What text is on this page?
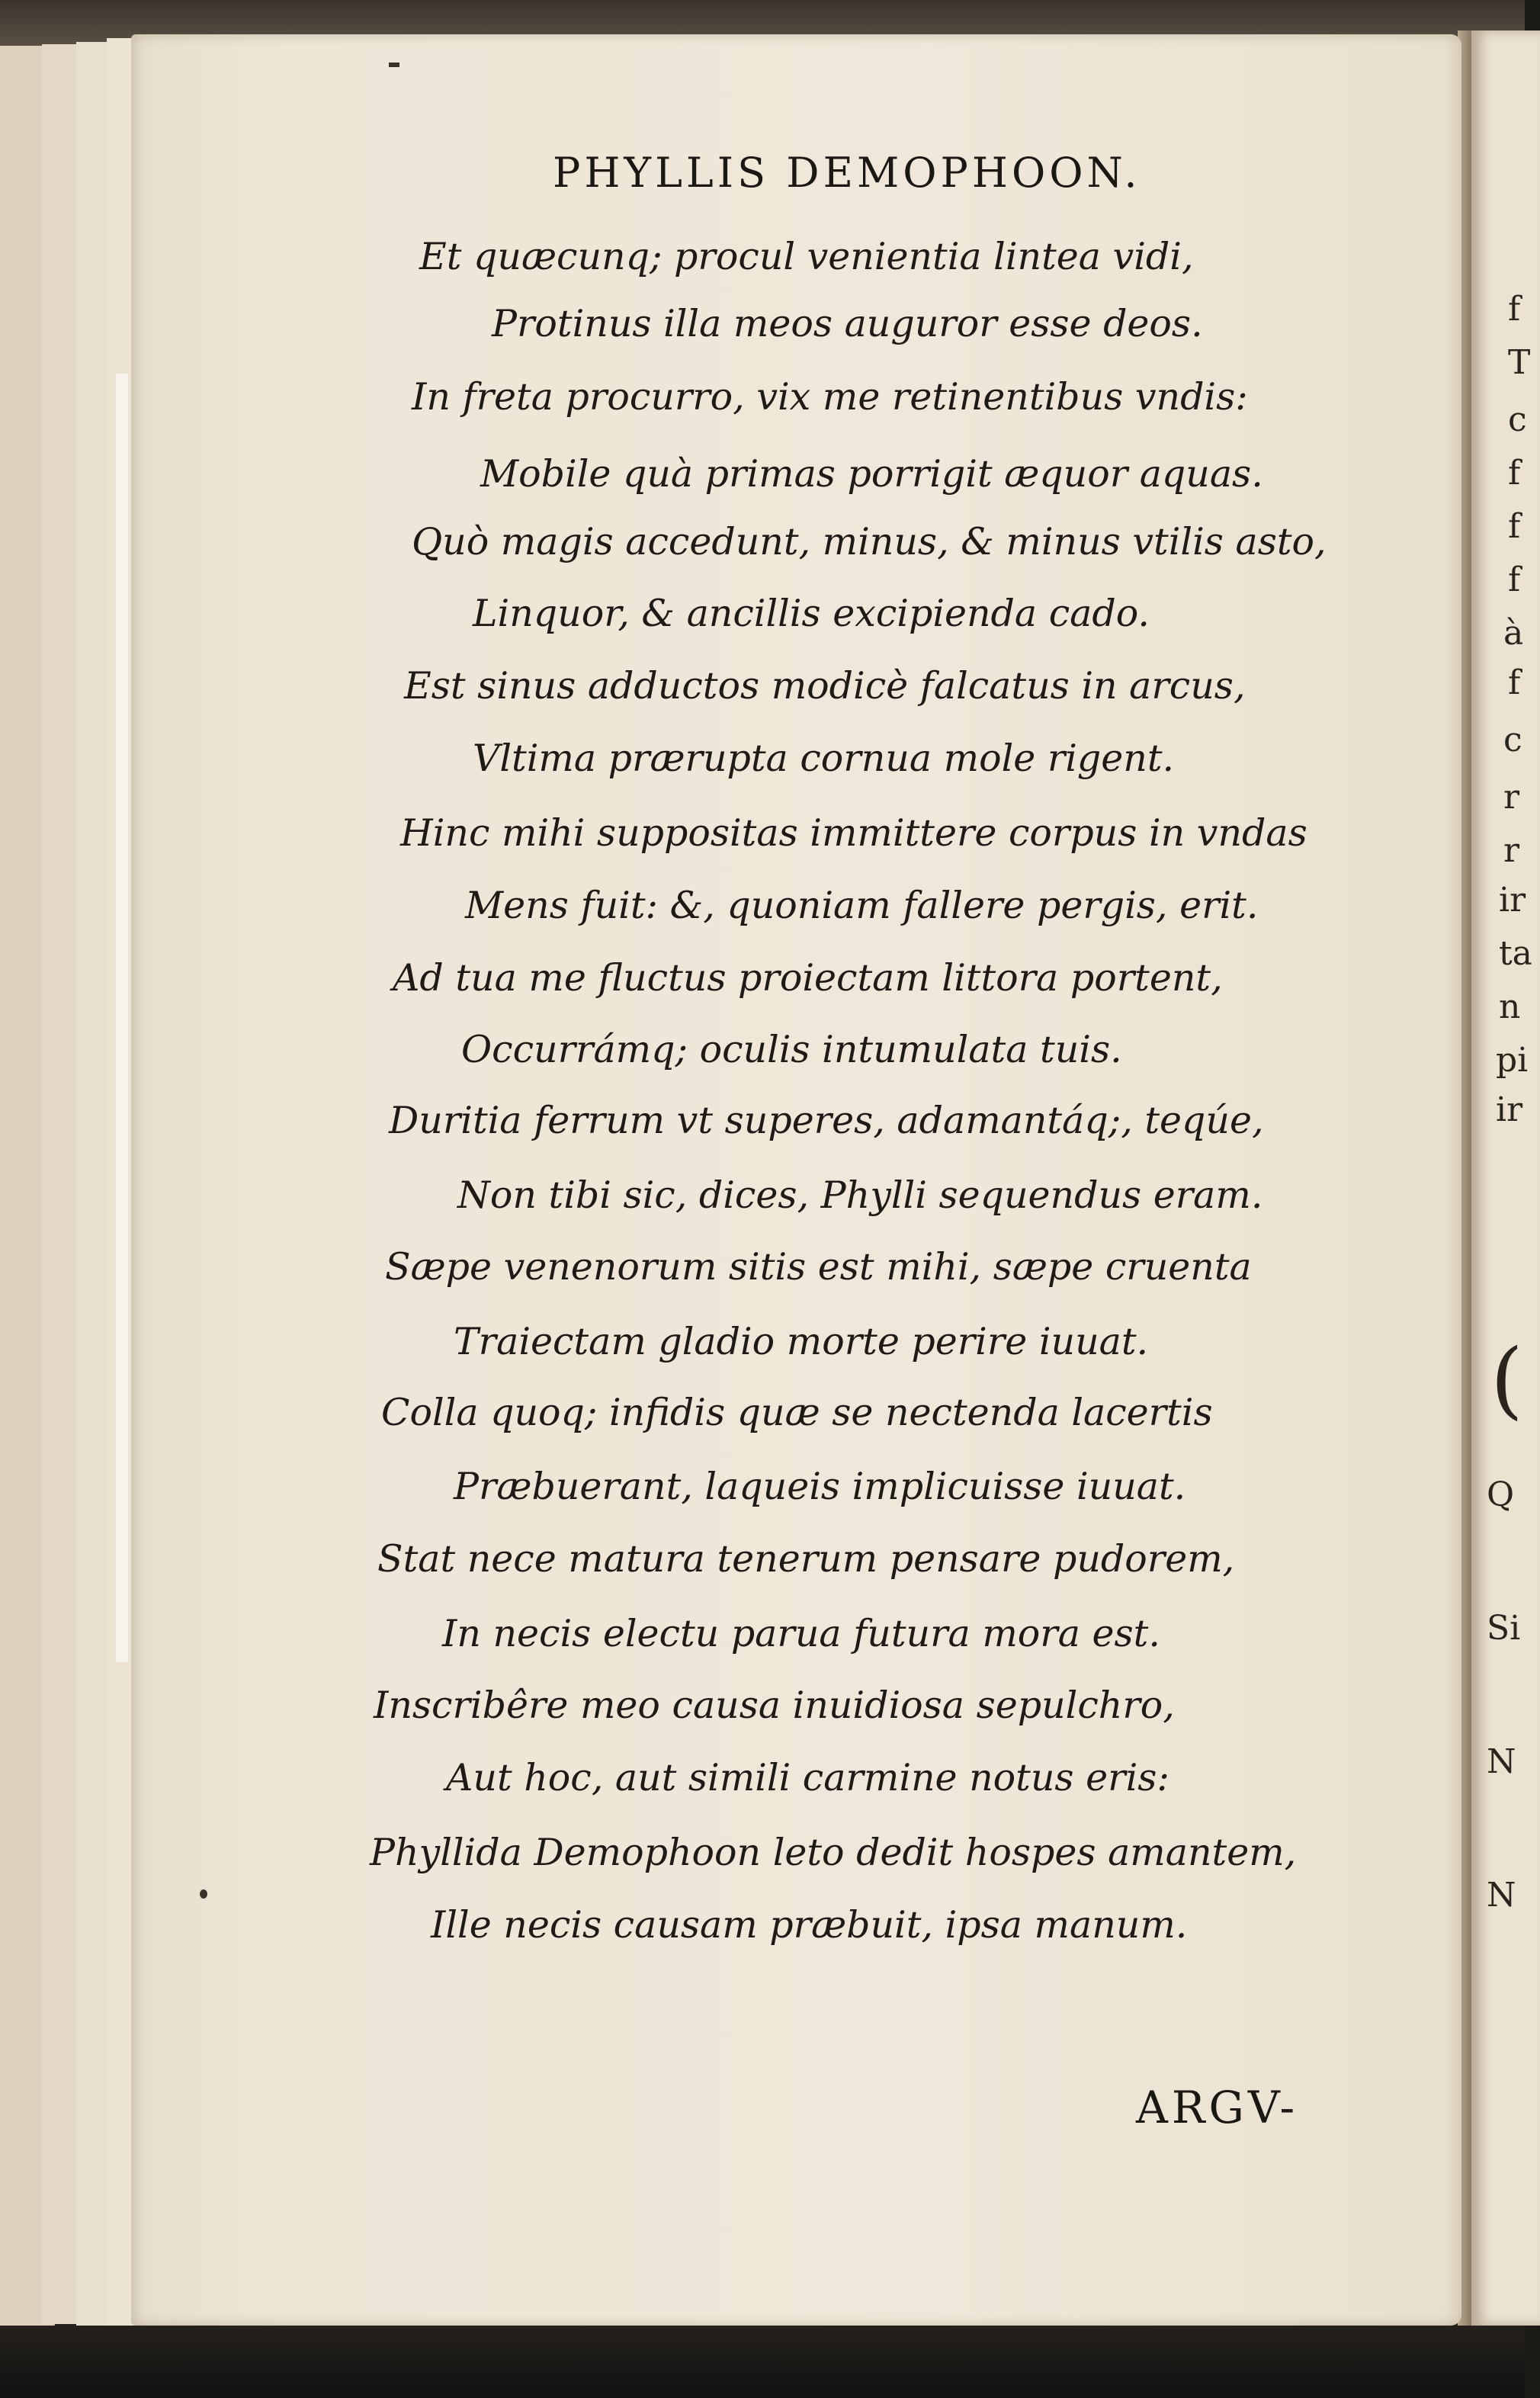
PHYLLIS DEMOPHOON.

Et quæcunq; procul venientia lintea vidi,

Protinus illa meos auguror esse deos.

In freta procurro, vix me retinentibus vndis:

Mobile quà primas porrigit æquor aquas.

Quò magis accedunt, minus, & minus vtilis asto,

Linquor, & ancillis excipienda cado.

Est sinus adductos modicè falcatus in arcus,

Vltima prærupta cornua mole rigent.

Hinc mihi suppositas immittere corpus in vndas

Mens fuit: &, quoniam fallere pergis, erit.

Ad tua me fluctus proiectam littora portent,

Occurrámq; oculis intumulata tuis.

Duritia ferrum vt superes, adamantáq;, teqúe,

Non tibi sic, dices, Phylli sequendus eram.

Sæpe venenorum sitis est mihi, sæpe cruenta

Traiectam gladio morte perire iuuat.

Colla quoq; infidis quæ se nectenda lacertis

Præbuerant, laqueis implicuisse iuuat.

Stat nece matura tenerum pensare pudorem,

In necis electu parua futura mora est.

Inscribêre meo causa inuidiosa sepulchro,

Aut hoc, aut simili carmine notus eris:

Phyllida Demophoon leto dedit hospes amantem,

Ille necis causam præbuit, ipsa manum.

ARGV-
f
T
c
f
f
f
à
f
c
r
r
ir
ta
n
pi
ir
(
Q
Si
N
N
